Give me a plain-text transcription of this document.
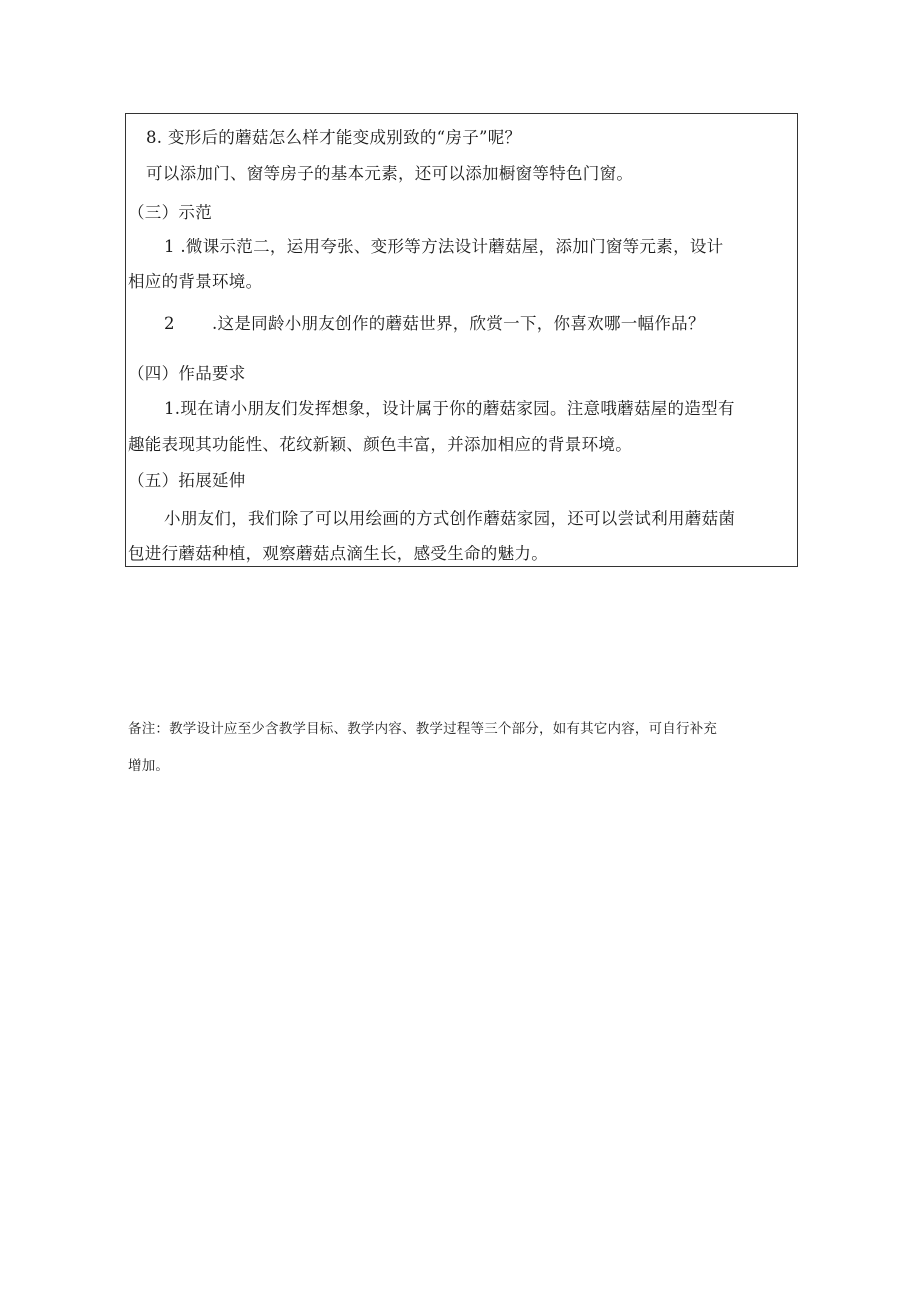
8. 变形后的蘑菇怎么样才能变成别致的“房子”呢？
可以添加门、窗等房子的基本元素，还可以添加橱窗等特色门窗。
（三）示范
1 .微课示范二，运用夸张、变形等方法设计蘑菇屋，添加门窗等元素，设计
相应的背景环境。
2 .这是同龄小朋友创作的蘑菇世界，欣赏一下，你喜欢哪一幅作品？
（四）作品要求
1.现在请小朋友们发挥想象，设计属于你的蘑菇家园。注意哦蘑菇屋的造型有
趣能表现其功能性、花纹新颖、颜色丰富，并添加相应的背景环境。
（五）拓展延伸
小朋友们，我们除了可以用绘画的方式创作蘑菇家园，还可以尝试利用蘑菇菌
包进行蘑菇种植，观察蘑菇点滴生长，感受生命的魅力。
备注：教学设计应至少含教学目标、教学内容、教学过程等三个部分，如有其它内容，可自行补充
增加。
